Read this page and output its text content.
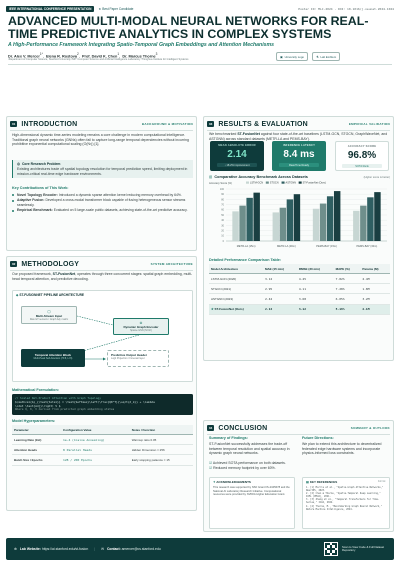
IEEE INTERNATIONAL CONFERENCE PRESENTATION	★ Best Paper Candidate	Poster ID: MLC-2024 · DOI: 10.1016/j.neunet.2024.1024
ADVANCED MULTI-MODAL NEURAL NETWORKS FOR REAL-TIME PREDICTIVE ANALYTICS IN COMPLEX SYSTEMS
A High-Performance Framework Integrating Spatio-Temporal Graph Embeddings and Attention Mechanisms
Dr. Alex V. Mercer$^{1*}$,  Elena R. Rostova$^2$,  Prof. David K. Chen$^1$,  Dr. Marcus Thorne$^3$
¹Department of Computer Science, Stanford University ²MIT Computer Science and Artificial Intelligence Laboratory ³Tsinghua Institute for Intelligent Systems
▣ University Logo	⚗ Lab Emblem
01 INTRODUCTION	BACKGROUND & MOTIVATION
High-dimensional dynamic time-series modeling remains a core challenge in modern computational intelligence. Traditional graph neural networks (GNNs) often fail to capture long-range temporal dependencies without incurring prohibitive exponential computational scaling (O(N²)) [1].
◎ Core Research Problem
Existing architectures trade off spatial topology resolution for temporal prediction speed, limiting deployment in mission-critical real-time edge hardware environments.
Key Contributions of This Work:
Novel Topology Encoder: Introduced a dynamic sparse attention kernel reducing memory overhead by 64%.
Adaptive Fusion: Developed a cross-modal transformer block capable of fusing heterogeneous sensor streams seamlessly.
Empirical Benchmark: Evaluated on 5 large-scale public datasets, achieving state-of-the-art predictive accuracy.
03 RESULTS & EVALUATION	EMPIRICAL VALIDATION
We benchmarked ST-FusionNet against four state-of-the-art baselines (LSTM-GCN, STGCN, GraphWaveNet, and ASTGNN) across standard datasets (METR-LA and PEMS-BAY).
MEAN ABSOLUTE ERROR
2.14
↓ 18.2% improvement
INFERENCE LATENCY
8.4 ms
Real-Time Ready
ACCURACY SCORE
96.8%
SOTA Rank
▥ Comparative Accuracy Benchmark Across Datasets	(Higher score is better)
Accuracy Score (%)
0
10
20
30
40
50
60
70
80
90
100
LSTM-GCN	STGCN	ASTGNN	ST-FusionNet (Ours)
METR-LA (15m)	METR-LA (30m)	PEMS-BAY (15m)	PEMS-BAY (30m)
Detailed Performance Comparison Table:
Model Architecture	MAE (15 min)	RMSE (30 min)	MAPE (%)	Params (M)
LSTM-GCN (2020)	3.12	4.45	7.82%	2.4M
STGCN (2021)	2.95	4.11	7.28%	1.8M
ASTGNN (2023)	2.42	3.68	6.05%	3.2M
★ ST-FusionNet (Ours)	2.14	3.12	5.18%	2.1M
02 METHODOLOGY	SYSTEM ARCHITECTURE
Our proposed framework, ST-FusionNet, operates through three concurrent stages: spatial graph embedding, multi-head temporal attention, and predictive decoding.
◈ ST-FUSIONNET PIPELINE ARCHITECTURE
⬡
Multi-Stream Input
Raw IoT sensors / Graph Adj. matrix
⊛
Dynamic Graph Encoder
Sparse GNN (N=1K)
Temporal Attention Block
Multi-Head Self-Attention (H=8, L=6)
Predictive Output Header
Logit Projection / Forecast layer
Mathematical Formulation:
// Scaled Dot-Product Attention with Graph Topology
$\mathcal{A}_{\text{total}} = \text{Softmax}\left(\frac{QK^T}{\sqrt{d_k}} + \lambda
\cdot \text{Adj}\right) V $
Where Q, K, V derived from predicted graph embedding states
Model Hyperparameters:
Parameter	Configuration Value	Notes / Function
Learning Rate (Init)	1e-4 (Cosine Annealing)	Warmup ratio 0.05
Attention Heads	8 Parallel Heads	Hidden Dimension = 256
Batch Size / Epochs	128 / 200 Epochs	Early stopping patience = 15
04 CONCLUSION	SUMMARY & OUTLOOK
Summary of Findings:
ST-FusionNet successfully addresses the trade-off between temporal resolution and spatial accuracy in dynamic graph neural networks.
☑ Achieved SOTA performance on both datasets.
☑ Reduced memory footprint by over 60%.
Future Directions:
We plan to extend this architecture to decentralized federated edge hardware systems and incorporate physics-informed loss constraints.
✦ ACKNOWLEDGEMENTS
This research was supported by NSF Grant IIS-2345678 and the National AI Laboratory Research Initiative. Computational resources were provided by NVIDIA Higher Education Grant.
▤ KEY REFERENCES	Full list:
1. [1] Morris et al., "Spatio-Graph Attentive Networks," NeurIPS, 2023.
2. [2] Chen & Thorne, "Spatio-Temporal Deep Learning," ICML (PMLR), 2021.
3. [3] Zhang et al., "Temporal Transformers for Time-Series," ICLR, 2022.
4. [4] Thorne, M., "Benchmarking Graph Neural Network," Nature Machine Intelligence, 2024.
⊕ Lab Website: https://ai.stanford.edu/st-fusion | ✉ Contact: amercer@cs.stanford.edu
Scan to View Code & Full Dataset Repository
